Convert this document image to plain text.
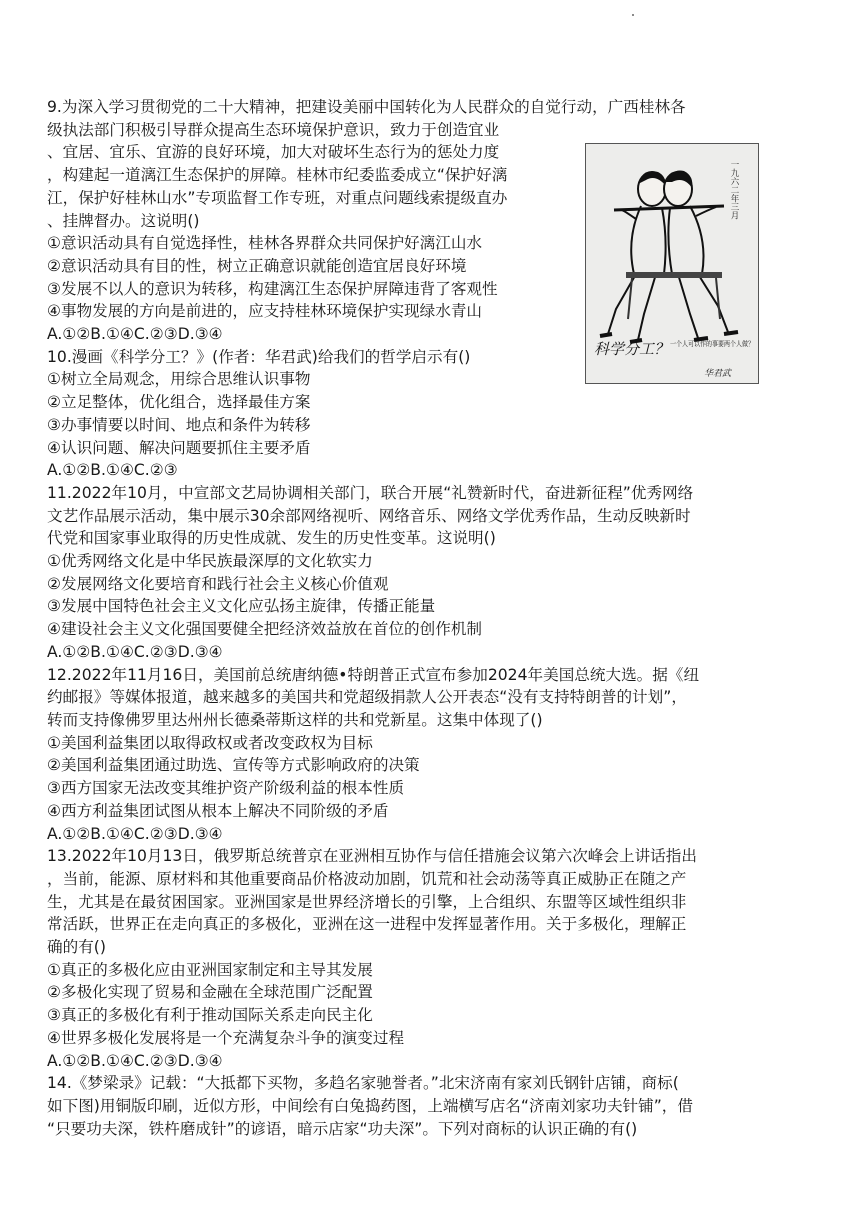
9.为深入学习贯彻党的二十大精神，把建设美丽中国转化为人民群众的自觉行动，广西桂林各
级执法部门积极引导群众提高生态环境保护意识，致力于创造宜业
、宜居、宜乐、宜游的良好环境，加大对破坏生态行为的惩处力度
，构建起一道漓江生态保护的屏障。桂林市纪委监委成立“保护好漓
江，保护好桂林山水”专项监督工作专班，对重点问题线索提级直办
、挂牌督办。这说明()
①意识活动具有自觉选择性，桂林各界群众共同保护好漓江山水
②意识活动具有目的性，树立正确意识就能创造宜居良好环境
③发展不以人的意识为转移，构建漓江生态保护屏障违背了客观性
④事物发展的方向是前进的，应支持桂林环境保护实现绿水青山
A.①②B.①④C.②③D.③④
10.漫画《科学分工？》(作者：华君武)给我们的哲学启示有()
①树立全局观念，用综合思维认识事物
②立足整体，优化组合，选择最佳方案
③办事情要以时间、地点和条件为转移
④认识问题、解决问题要抓住主要矛盾
A.①②B.①④C.②③
11.2022年10月，中宣部文艺局协调相关部门，联合开展“礼赞新时代，奋进新征程”优秀网络
文艺作品展示活动，集中展示30余部网络视听、网络音乐、网络文学优秀作品，生动反映新时
代党和国家事业取得的历史性成就、发生的历史性变革。这说明()
①优秀网络文化是中华民族最深厚的文化软实力
②发展网络文化要培育和践行社会主义核心价值观
③发展中国特色社会主义文化应弘扬主旋律，传播正能量
④建设社会主义文化强国要健全把经济效益放在首位的创作机制
A.①②B.①④C.②③D.③④
12.2022年11月16日，美国前总统唐纳德•特朗普正式宣布参加2024年美国总统大选。据《纽
约邮报》等媒体报道，越来越多的美国共和党超级捐款人公开表态“没有支持特朗普的计划”，
转而支持像佛罗里达州州长德桑蒂斯这样的共和党新星。这集中体现了()
①美国利益集团以取得政权或者改变政权为目标
②美国利益集团通过助选、宣传等方式影响政府的决策
③西方国家无法改变其维护资产阶级利益的根本性质
④西方利益集团试图从根本上解决不同阶级的矛盾
A.①②B.①④C.②③D.③④
13.2022年10月13日，俄罗斯总统普京在亚洲相互协作与信任措施会议第六次峰会上讲话指出
，当前，能源、原材料和其他重要商品价格波动加剧，饥荒和社会动荡等真正威胁正在随之产
生，尤其是在最贫困国家。亚洲国家是世界经济增长的引擎，上合组织、东盟等区域性组织非
常活跃，世界正在走向真正的多极化，亚洲在这一进程中发挥显著作用。关于多极化，理解正
确的有()
①真正的多极化应由亚洲国家制定和主导其发展
②多极化实现了贸易和金融在全球范围广泛配置
③真正的多极化有利于推动国际关系走向民主化
④世界多极化发展将是一个充满复杂斗争的演变过程
A.①②B.①④C.②③D.③④
14.《梦梁录》记载：“大抵都下买物，多趋名家驰誉者。”北宋济南有家刘氏钢针店铺，商标(
如下图)用铜版印刷，近似方形，中间绘有白兔捣药图，上端横写店名“济南刘家功夫针铺”，借
“只要功夫深，铁杵磨成针”的谚语，暗示店家“功夫深”。下列对商标的认识正确的有()
一九六二年三月
科学分工？ 一个人可以作的事要两个人做？
华君武
